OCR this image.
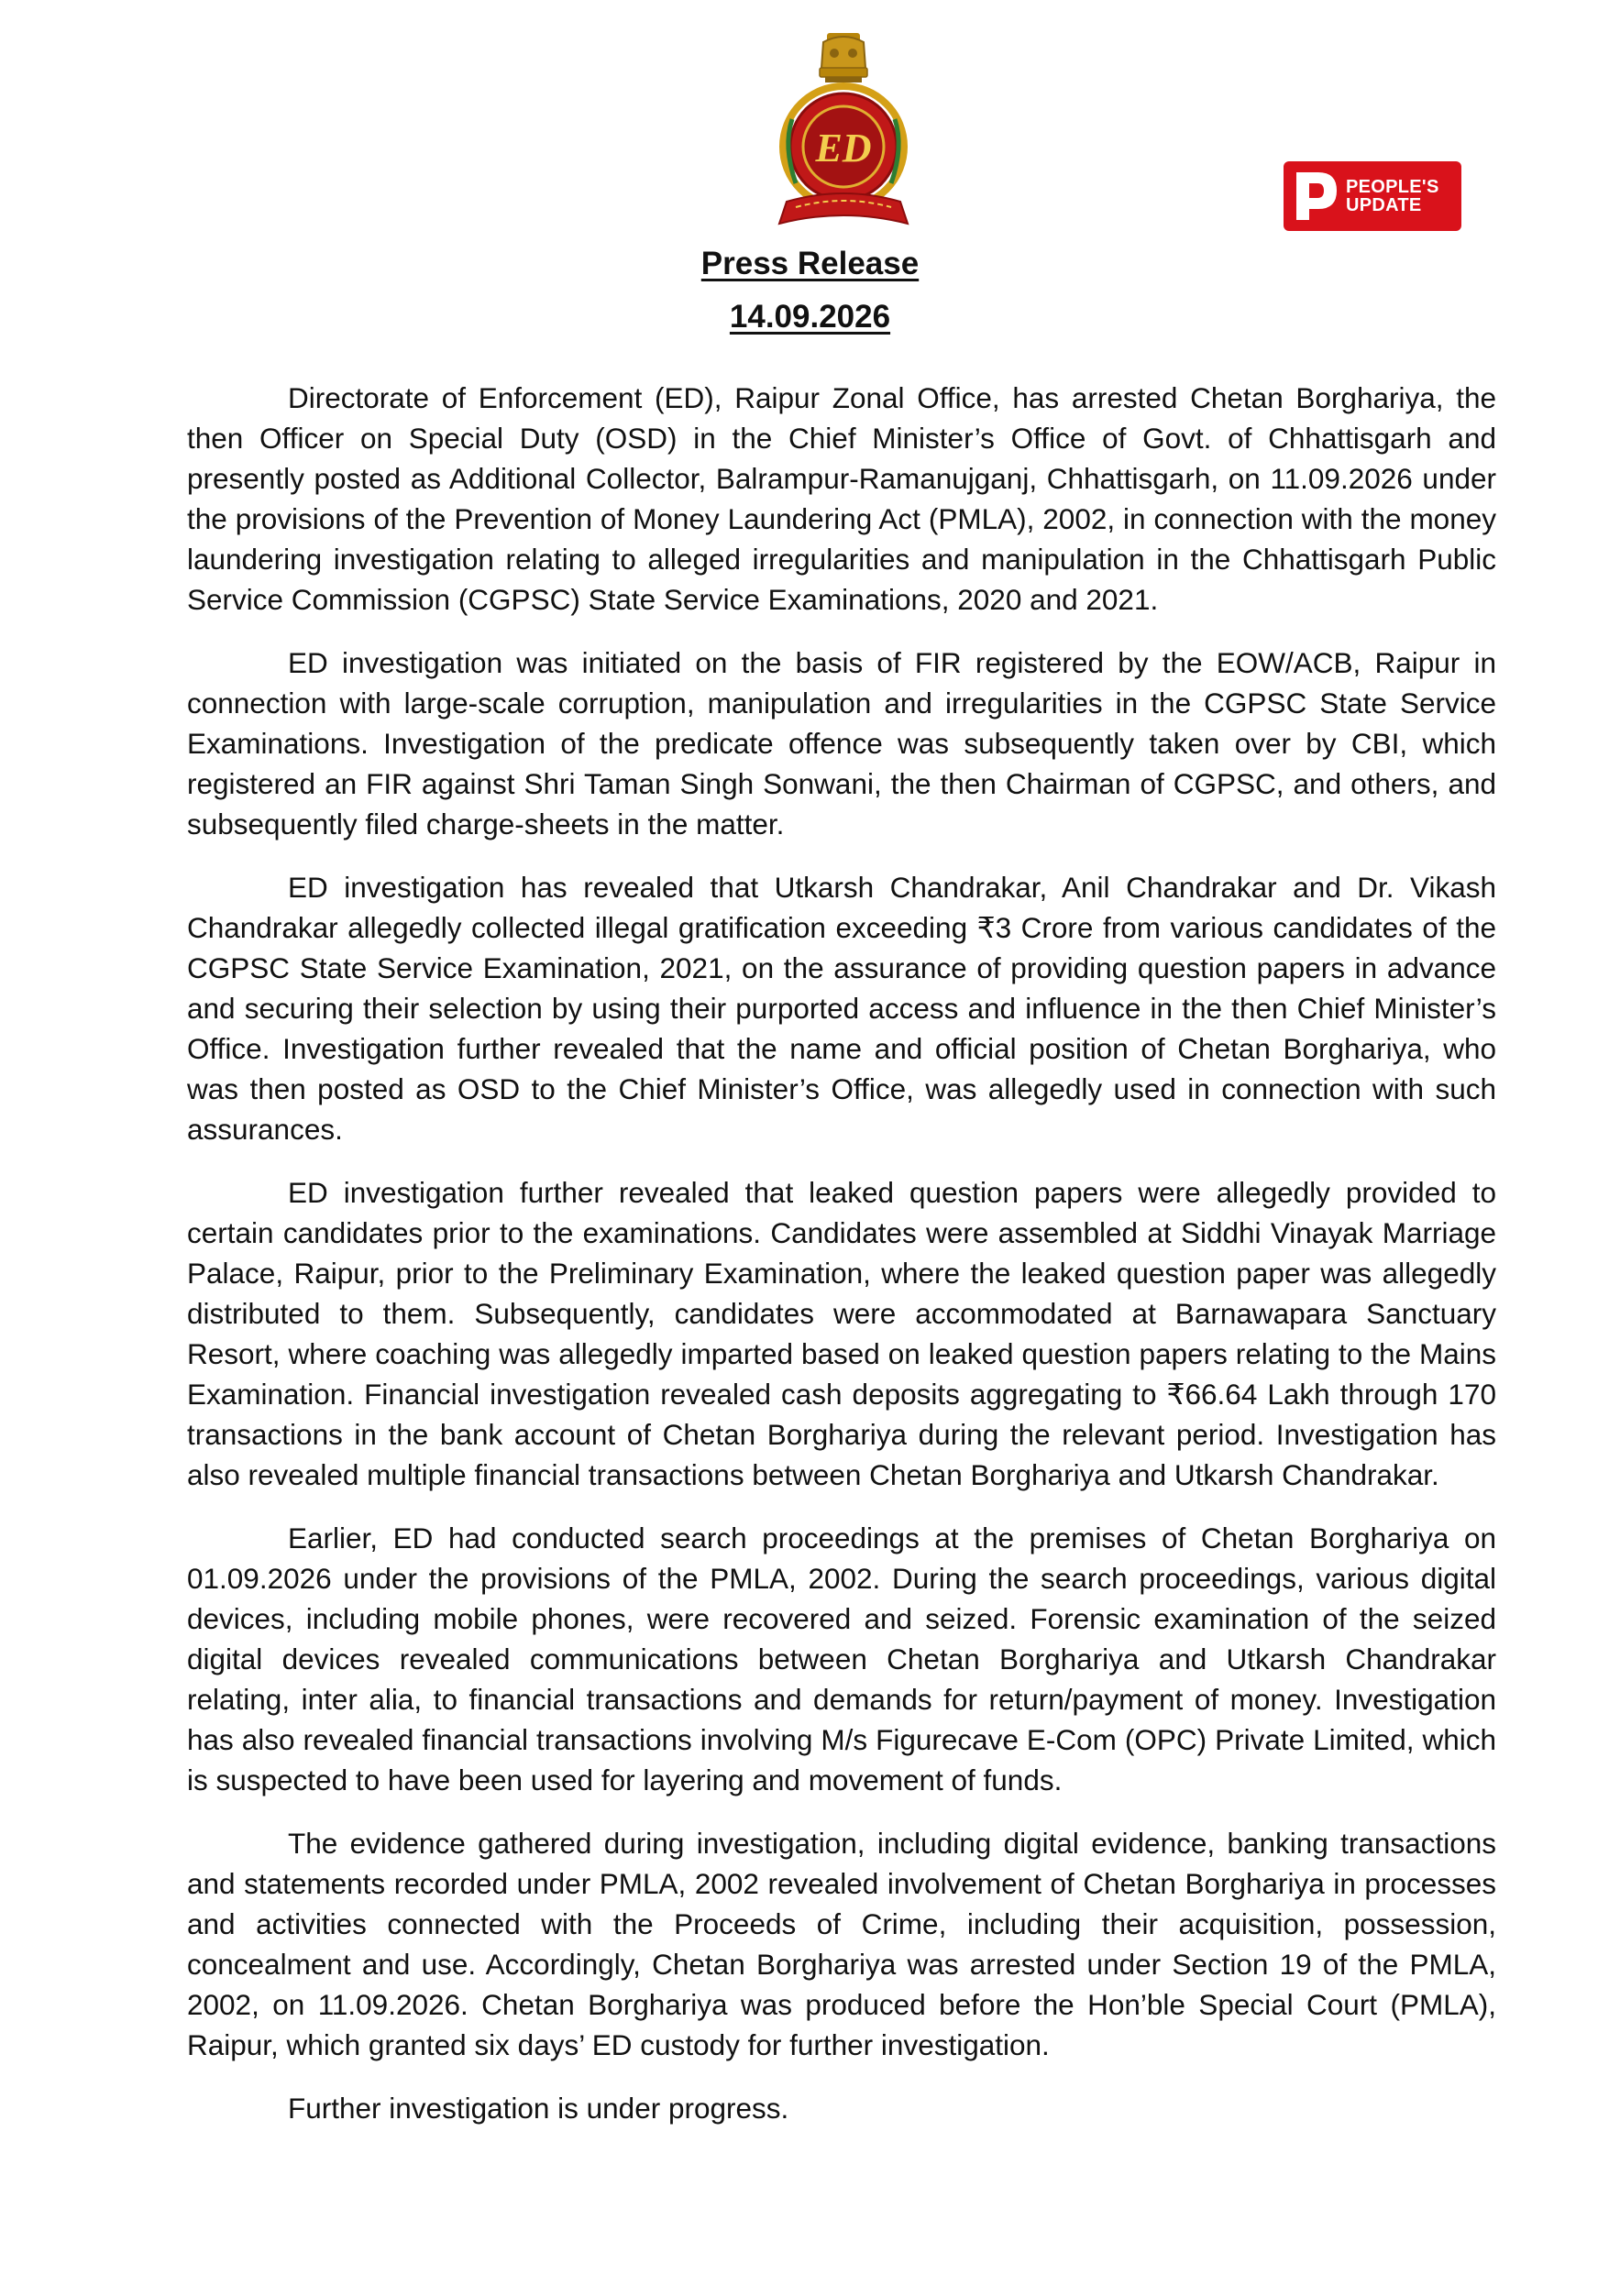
ED
PEOPLE'S
UPDATE
Press Release
14.09.2026

Directorate of Enforcement (ED), Raipur Zonal Office, has arrested Chetan Borghariya, the then Officer on Special Duty (OSD) in the Chief Minister’s Office of Govt. of Chhattisgarh and presently posted as Additional Collector, Balrampur-Ramanujganj, Chhattisgarh, on 11.09.2026 under the provisions of the Prevention of Money Laundering Act (PMLA), 2002, in connection with the money laundering investigation relating to alleged irregularities and manipulation in the Chhattisgarh Public Service Commission (CGPSC) State Service Examinations, 2020 and 2021.

ED investigation was initiated on the basis of FIR registered by the EOW/ACB, Raipur in connection with large-scale corruption, manipulation and irregularities in the CGPSC State Service Examinations. Investigation of the predicate offence was subsequently taken over by CBI, which registered an FIR against Shri Taman Singh Sonwani, the then Chairman of CGPSC, and others, and subsequently filed charge-sheets in the matter.

ED investigation has revealed that Utkarsh Chandrakar, Anil Chandrakar and Dr. Vikash Chandrakar allegedly collected illegal gratification exceeding ₹3 Crore from various candidates of the CGPSC State Service Examination, 2021, on the assurance of providing question papers in advance and securing their selection by using their purported access and influence in the then Chief Minister’s Office. Investigation further revealed that the name and official position of Chetan Borghariya, who was then posted as OSD to the Chief Minister’s Office, was allegedly used in connection with such assurances.

ED investigation further revealed that leaked question papers were allegedly provided to certain candidates prior to the examinations. Candidates were assembled at Siddhi Vinayak Marriage Palace, Raipur, prior to the Preliminary Examination, where the leaked question paper was allegedly distributed to them. Subsequently, candidates were accommodated at Barnawapara Sanctuary Resort, where coaching was allegedly imparted based on leaked question papers relating to the Mains Examination. Financial investigation revealed cash deposits aggregating to ₹66.64 Lakh through 170 transactions in the bank account of Chetan Borghariya during the relevant period. Investigation has also revealed multiple financial transactions between Chetan Borghariya and Utkarsh Chandrakar.

Earlier, ED had conducted search proceedings at the premises of Chetan Borghariya on 01.09.2026 under the provisions of the PMLA, 2002. During the search proceedings, various digital devices, including mobile phones, were recovered and seized. Forensic examination of the seized digital devices revealed communications between Chetan Borghariya and Utkarsh Chandrakar relating, inter alia, to financial transactions and demands for return/payment of money. Investigation has also revealed financial transactions involving M/s Figurecave E-Com (OPC) Private Limited, which is suspected to have been used for layering and movement of funds.

The evidence gathered during investigation, including digital evidence, banking transactions and statements recorded under PMLA, 2002 revealed involvement of Chetan Borghariya in processes and activities connected with the Proceeds of Crime, including their acquisition, possession, concealment and use. Accordingly, Chetan Borghariya was arrested under Section 19 of the PMLA, 2002, on 11.09.2026. Chetan Borghariya was produced before the Hon’ble Special Court (PMLA), Raipur, which granted six days’ ED custody for further investigation.

Further investigation is under progress.
